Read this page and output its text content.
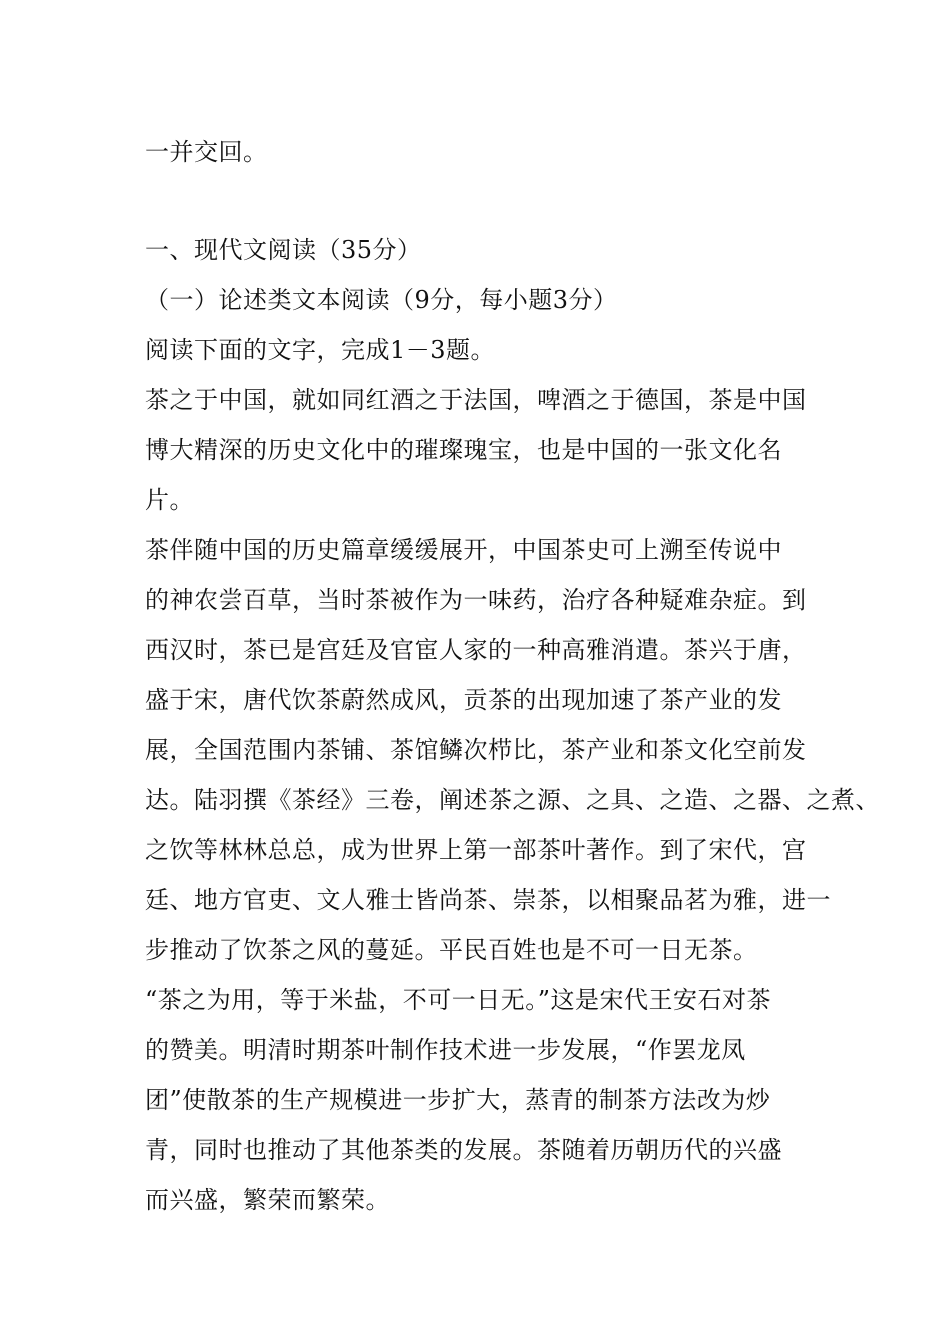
一并交回。
一、现代文阅读（35分）
（一）论述类文本阅读（9分，每小题3分）
阅读下面的文字，完成1－3题。
茶之于中国，就如同红酒之于法国，啤酒之于德国，茶是中国
博大精深的历史文化中的璀璨瑰宝，也是中国的一张文化名
片。
茶伴随中国的历史篇章缓缓展开，中国茶史可上溯至传说中
的神农尝百草，当时茶被作为一味药，治疗各种疑难杂症。到
西汉时，茶已是宫廷及官宦人家的一种高雅消遣。茶兴于唐，
盛于宋，唐代饮茶蔚然成风，贡茶的出现加速了茶产业的发
展，全国范围内茶铺、茶馆鳞次栉比，茶产业和茶文化空前发
达。陆羽撰《茶经》三卷，阐述茶之源、之具、之造、之器、之煮、
之饮等林林总总，成为世界上第一部茶叶著作。到了宋代，宫
廷、地方官吏、文人雅士皆尚茶、崇茶，以相聚品茗为雅，进一
步推动了饮茶之风的蔓延。平民百姓也是不可一日无茶。
“茶之为用，等于米盐，不可一日无。”这是宋代王安石对茶
的赞美。明清时期茶叶制作技术进一步发展，“作罢龙凤
团”使散茶的生产规模进一步扩大，蒸青的制茶方法改为炒
青，同时也推动了其他茶类的发展。茶随着历朝历代的兴盛
而兴盛，繁荣而繁荣。
